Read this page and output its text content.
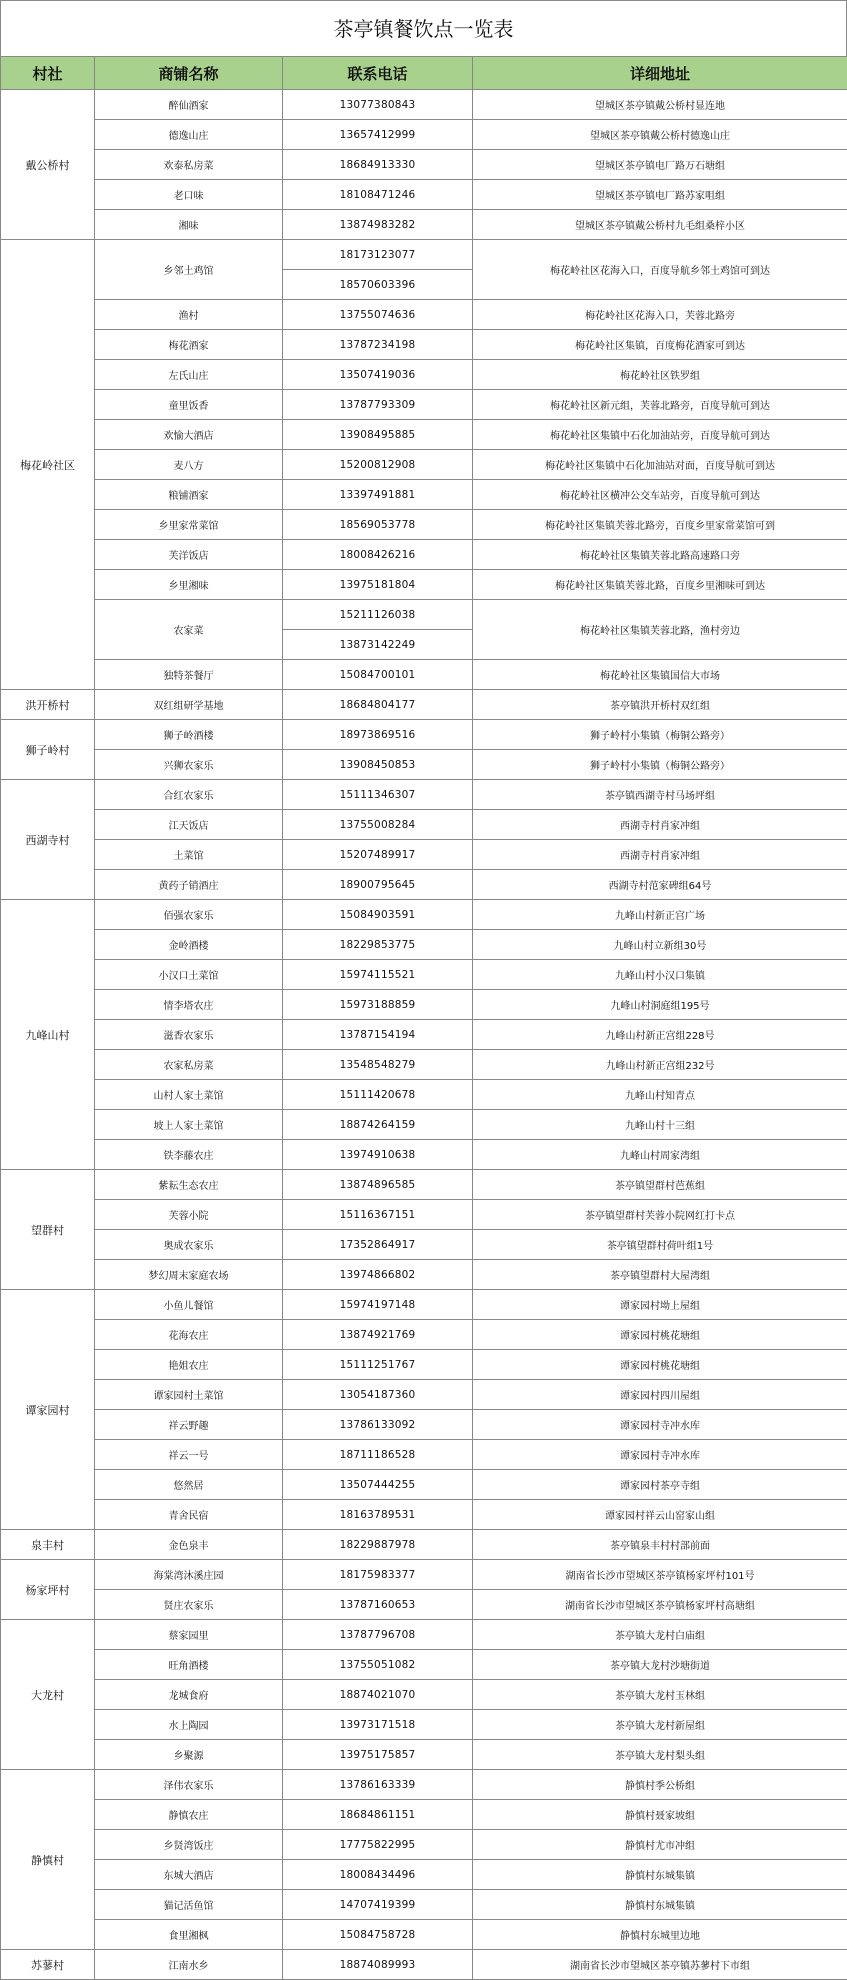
茶亭镇餐饮点一览表
村社	商铺名称	联系电话	详细地址
戴公桥村	醉仙酒家	13077380843	望城区茶亭镇戴公桥村显连地
	德逸山庄	13657412999	望城区茶亭镇戴公桥村德逸山庄
	欢泰私房菜	18684913330	望城区茶亭镇电厂路万石塘组
	老口味	18108471246	望城区茶亭镇电厂路苏家咀组
	湘味	13874983282	望城区茶亭镇戴公桥村九毛组桑梓小区
梅花岭社区	乡邻土鸡馆	18173123077	梅花岭社区花海入口，百度导航乡邻土鸡馆可到达
		18570603396	
	渔村	13755074636	梅花岭社区花海入口，芙蓉北路旁
	梅花酒家	13787234198	梅花岭社区集镇，百度梅花酒家可到达
	左氏山庄	13507419036	梅花岭社区铁罗组
	童里饭香	13787793309	梅花岭社区新元组，芙蓉北路旁，百度导航可到达
	欢愉大酒店	13908495885	梅花岭社区集镇中石化加油站旁，百度导航可到达
	麦八方	15200812908	梅花岭社区集镇中石化加油站对面，百度导航可到达
	粮铺酒家	13397491881	梅花岭社区横冲公交车站旁，百度导航可到达
	乡里家常菜馆	18569053778	梅花岭社区集镇芙蓉北路旁，百度乡里家常菜馆可到
	芙洋饭店	18008426216	梅花岭社区集镇芙蓉北路高速路口旁
	乡里湘味	13975181804	梅花岭社区集镇芙蓉北路，百度乡里湘味可到达
	农家菜	15211126038	梅花岭社区集镇芙蓉北路，渔村旁边
		13873142249	
	独特茶餐厅	15084700101	梅花岭社区集镇国信大市场
洪开桥村	双红组研学基地	18684804177	茶亭镇洪开桥村双红组
狮子岭村	狮子岭酒楼	18973869516	狮子岭村小集镇（梅铜公路旁）
	兴狮农家乐	13908450853	狮子岭村小集镇（梅铜公路旁）
西湖寺村	合红农家乐	15111346307	茶亭镇西湖寺村马场坪组
	江天饭店	13755008284	西湖寺村肖家冲组
	土菜馆	15207489917	西湖寺村肖家冲组
	黄药子销酒庄	18900795645	西湖寺村范家碑组64号
九峰山村	佰强农家乐	15084903591	九峰山村新正宫广场
	金岭酒楼	18229853775	九峰山村立新组30号
	小汉口土菜馆	15974115521	九峰山村小汉口集镇
	情李塔农庄	15973188859	九峰山村洞庭组195号
	滋香农家乐	13787154194	九峰山村新正宫组228号
	农家私房菜	13548548279	九峰山村新正宫组232号
	山村人家土菜馆	15111420678	九峰山村知青点
	坡上人家土菜馆	18874264159	九峰山村十三组
	铁李藤农庄	13974910638	九峰山村周家湾组
望群村	紫耘生态农庄	13874896585	茶亭镇望群村芭蕉组
	芙蓉小院	15116367151	茶亭镇望群村芙蓉小院网红打卡点
	奥成农家乐	17352864917	茶亭镇望群村荷叶组1号
	梦幻周末家庭农场	13974866802	茶亭镇望群村大屋湾组
谭家园村	小鱼儿餐馆	15974197148	谭家园村坳上屋组
	花海农庄	13874921769	谭家园村桃花塘组
	艳姐农庄	15111251767	谭家园村桃花塘组
	谭家园村土菜馆	13054187360	谭家园村四川屋组
	祥云野趣	13786133092	谭家园村寺冲水库
	祥云一号	18711186528	谭家园村寺冲水库
	悠然居	13507444255	谭家园村茶亭寺组
	青舍民宿	18163789531	谭家园村祥云山窑家山组
泉丰村	金色泉丰	18229887978	茶亭镇泉丰村村部前面
杨家坪村	海棠湾沐溪庄园	18175983377	湖南省长沙市望城区茶亭镇杨家坪村101号
	贤庄农家乐	13787160653	湖南省长沙市望城区茶亭镇杨家坪村高塘组
大龙村	蔡家园里	13787796708	茶亭镇大龙村白庙组
	旺角酒楼	13755051082	茶亭镇大龙村沙塘街道
	龙城食府	18874021070	茶亭镇大龙村玉林组
	水上陶园	13973171518	茶亭镇大龙村新屋组
	乡聚源	13975175857	茶亭镇大龙村梨头组
静慎村	泽伟农家乐	13786163339	静慎村季公桥组
	静慎农庄	18684861151	静慎村聂家坡组
	乡贤湾饭庄	17775822995	静慎村尤市冲组
	东城大酒店	18008434496	静慎村东城集镇
	猫记活鱼馆	14707419399	静慎村东城集镇
	食里湘枫	15084758728	静慎村东城里边地
苏蓼村	江南水乡	18874089993	湖南省长沙市望城区茶亭镇苏蓼村下市组
